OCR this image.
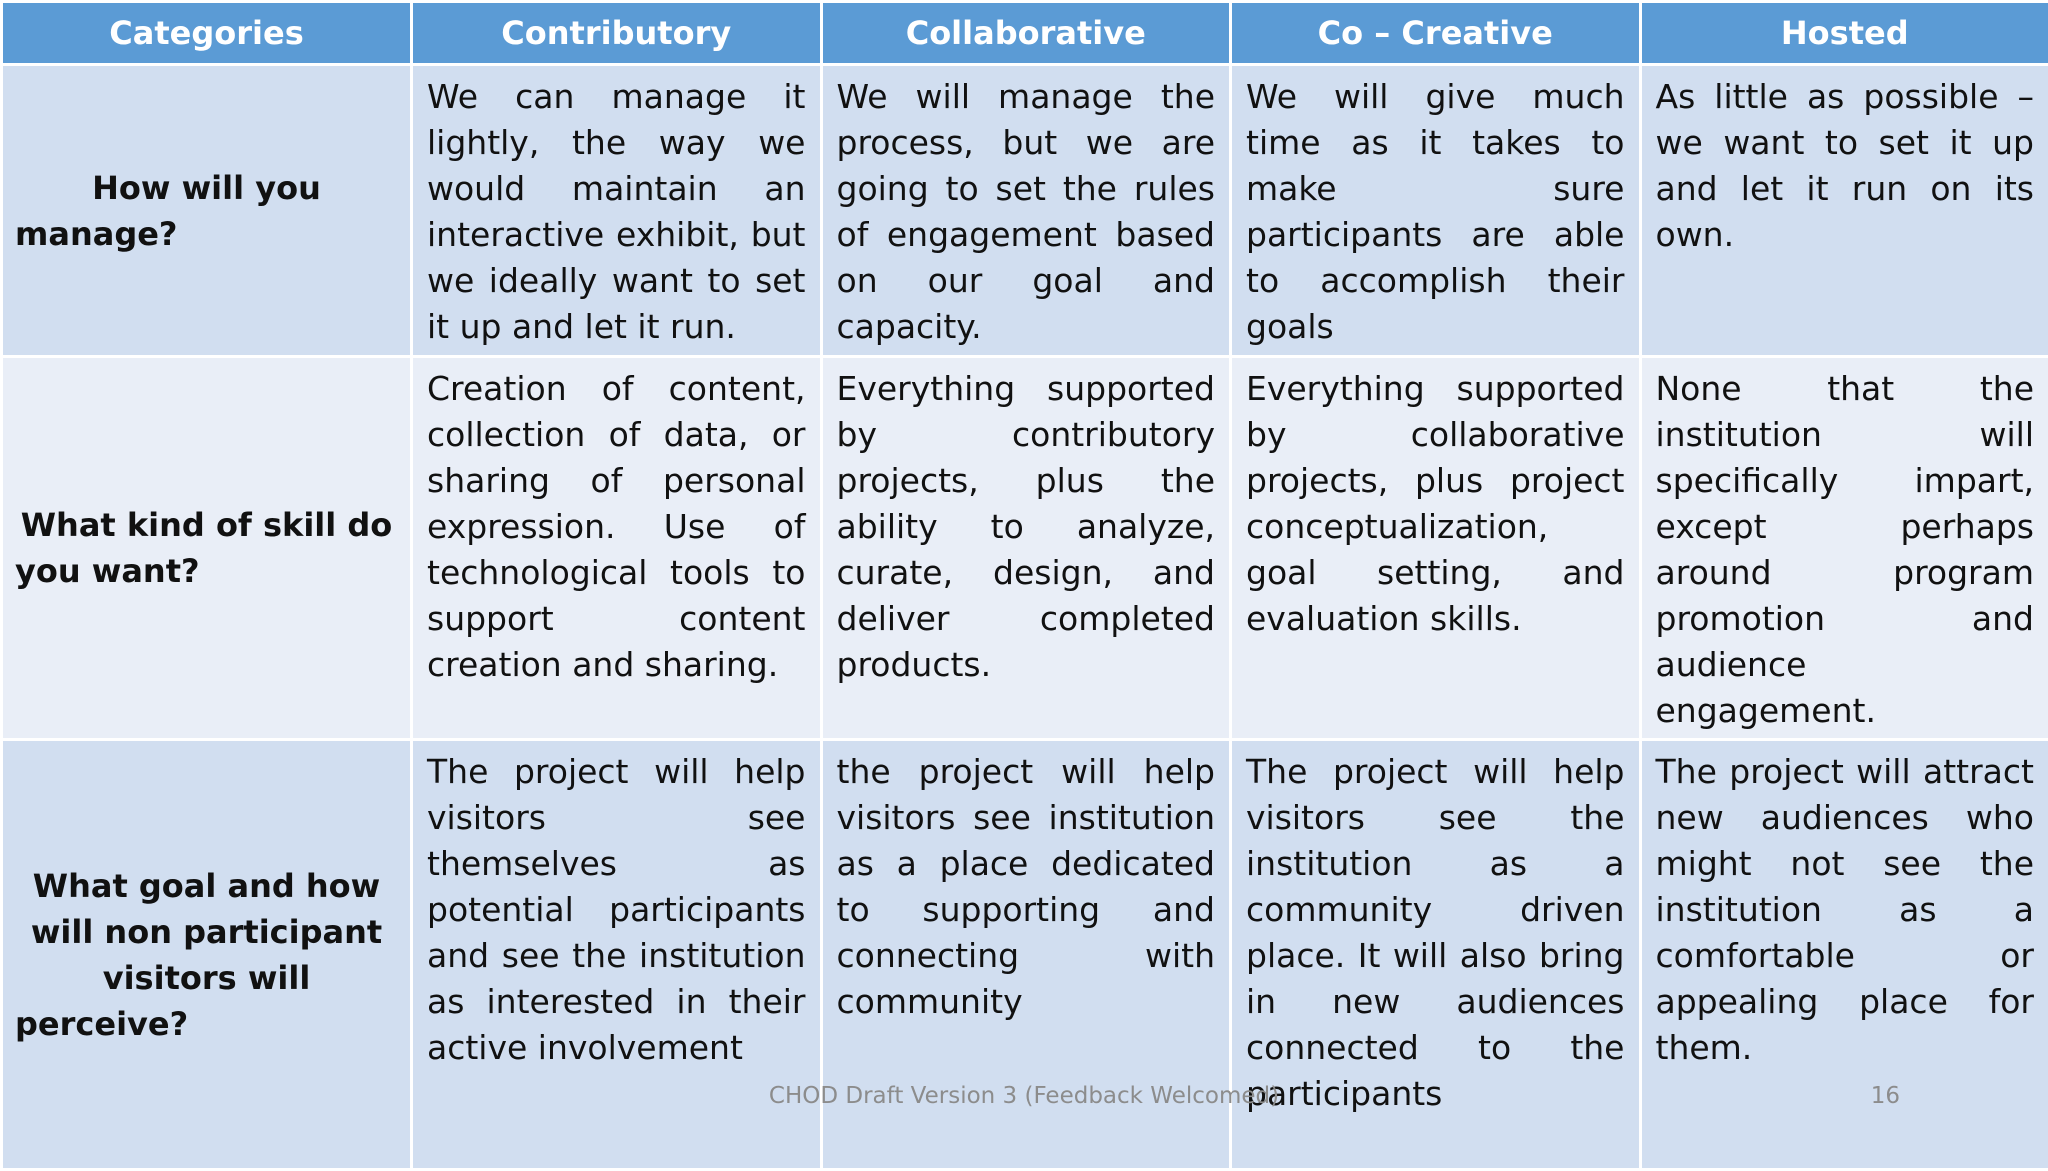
Categories	Contributory	Collaborative	Co – Creative	Hosted
How will you manage?	We can manage it lightly, the way we would maintain an interactive exhibit, but we ideally want to set it up and let it run.	We will manage the process, but we are going to set the rules of engagement based on our goal and capacity.	We will give much time as it takes to make sure participants are able to accomplish their goals	As little as possible – we want to set it up and let it run on its own.
What kind of skill do you want?	Creation of content, collection of data, or sharing of personal expression. Use of technological tools to support content creation and sharing.	Everything supported by contributory projects, plus the ability to analyze, curate, design, and deliver completed products.	Everything supported by collaborative projects, plus project conceptualization, goal setting, and evaluation skills.	None that the institution will specifically impart, except perhaps around program promotion and audience engagement.
What goal and how will non participant visitors will perceive?	The project will help visitors see themselves as potential participants and see the institution as interested in their active involvement	the project will help visitors see institution as a place dedicated to supporting and connecting with community	The project will help visitors see the institution as a community driven place. It will also bring in new audiences connected to the participants	The project will attract new audiences who might not see the institution as a comfortable or appealing place for them.
CHOD Draft Version 3 (Feedback Welcomed)	16
